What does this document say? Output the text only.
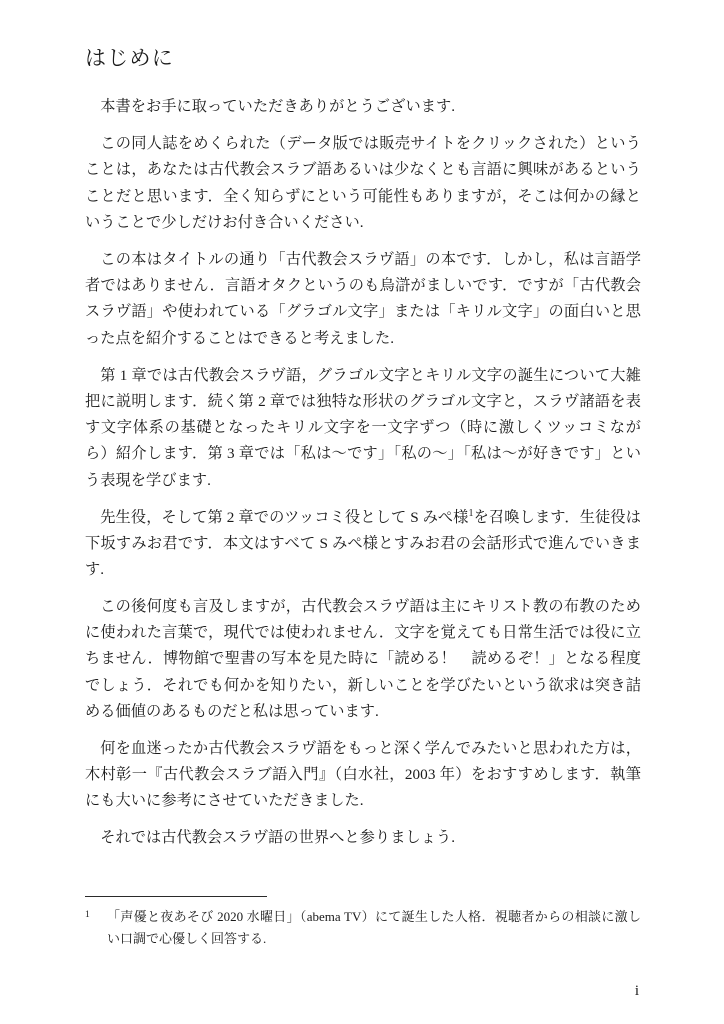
はじめに

本書をお手に取っていただきありがとうございます.

この同人誌をめくられた（データ版では販売サイトをクリックされた）ということは，あなたは古代教会スラブ語あるいは少なくとも言語に興味があるということだと思います．全く知らずにという可能性もありますが，そこは何かの縁ということで少しだけお付き合いください.

この本はタイトルの通り「古代教会スラヴ語」の本です．しかし，私は言語学者ではありません．言語オタクというのも烏滸がましいです．ですが「古代教会スラヴ語」や使われている「グラゴル文字」または「キリル文字」の面白いと思った点を紹介することはできると考えました.

第 1 章では古代教会スラヴ語，グラゴル文字とキリル文字の誕生について大雑把に説明します．続く第 2 章では独特な形状のグラゴル文字と，スラヴ諸語を表す文字体系の基礎となったキリル文字を一文字ずつ（時に激しくツッコミながら）紹介します．第 3 章では「私は〜です」「私の〜」「私は〜が好きです」という表現を学びます.

先生役，そして第 2 章でのツッコミ役として S みぺ様$^1$を召喚します．生徒役は下坂すみお君です．本文はすべて S みぺ様とすみお君の会話形式で進んでいきます.

この後何度も言及しますが，古代教会スラヴ語は主にキリスト教の布教のために使われた言葉で，現代では使われません．文字を覚えても日常生活では役に立ちません．博物館で聖書の写本を見た時に「読める！　読めるぞ！」となる程度でしょう．それでも何かを知りたい，新しいことを学びたいという欲求は突き詰める価値のあるものだと私は思っています.

何を血迷ったか古代教会スラヴ語をもっと深く学んでみたいと思われた方は，木村彰一『古代教会スラブ語入門』（白水社，2003 年）をおすすめします．執筆にも大いに参考にさせていただきました.

それでは古代教会スラヴ語の世界へと参りましょう.

1 「声優と夜あそび 2020 水曜日」（abema TV）にて誕生した人格．視聴者からの相談に激しい口調で心優しく回答する.
i
